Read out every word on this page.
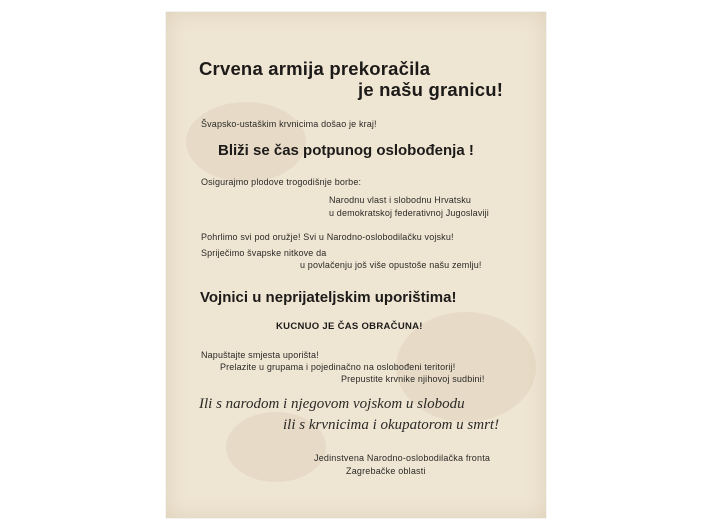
Crvena armija prekoračila
je našu granicu!
Švapsko-ustaškim krvnicima došao je kraj!
Bliži se čas potpunog oslobođenja !
Osigurajmo plodove trogodišnje borbe:
Narodnu vlast i slobodnu Hrvatsku
u demokratskoj federativnoj Jugoslaviji
Pohrlimo svi pod oružje! Svi u Narodno-oslobodilačku vojsku!
Spriječimo švapske nitkove da
u povlačenju još više opustoše našu zemlju!
Vojnici u neprijateljskim uporištima!
KUCNUO JE ČAS OBRAČUNA!
Napuštajte smjesta uporišta!
Prelazite u grupama i pojedinačno na oslobođeni teritorij!
Prepustite krvnike njihovoj sudbini!
Ili s narodom i njegovom vojskom u slobodu
ili s krvnicima i okupatorom u smrt!
Jedinstvena Narodno-oslobodilačka fronta
Zagrebačke oblasti
